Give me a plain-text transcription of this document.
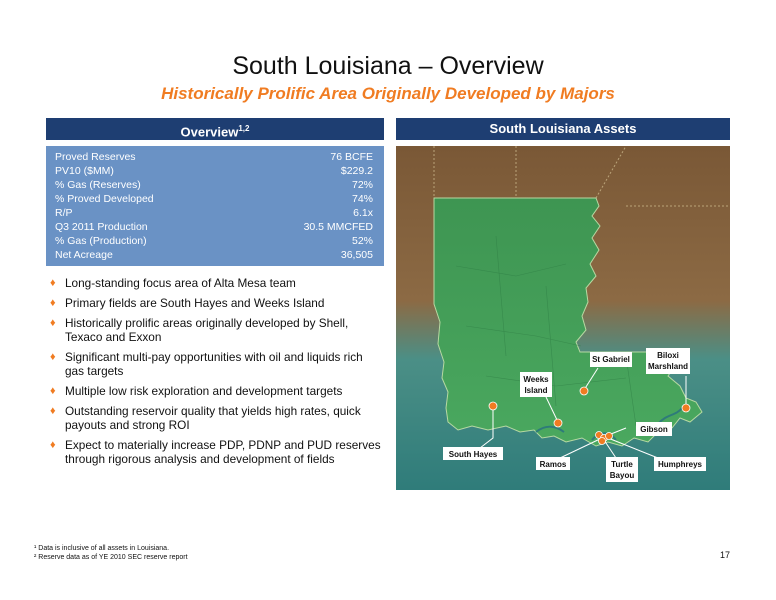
South Louisiana – Overview
Historically Prolific Area Originally Developed by Majors
Overview$^{1,2}$	South Louisiana Assets
Proved Reserves	76 BCFE
PV10 ($MM)	$229.2
% Gas (Reserves)	72%
% Proved Developed	74%
R/P	6.1x
Q3 2011 Production	30.5 MMCFED
% Gas (Production)	52%
Net Acreage	36,505
♦ Long-standing focus area of Alta Mesa team
♦ Primary fields are South Hayes and Weeks Island
♦ Historically prolific areas originally developed by Shell, Texaco and Exxon
♦ Significant multi-pay opportunities with oil and liquids rich gas targets
♦ Multiple low risk exploration and development targets
♦ Outstanding reservoir quality that yields high rates, quick payouts and strong ROI
♦ Expect to materially increase PDP, PDNP and PUD reserves through rigorous analysis and development of fields	South Hayes
Weeks
Island
St Gabriel	Biloxi
Marshland
Gibson
Ramos	Turtle
Bayou
Humphreys
¹ Data is inclusive of all assets in Louisiana.
² Reserve data as of YE 2010 SEC reserve report	17
